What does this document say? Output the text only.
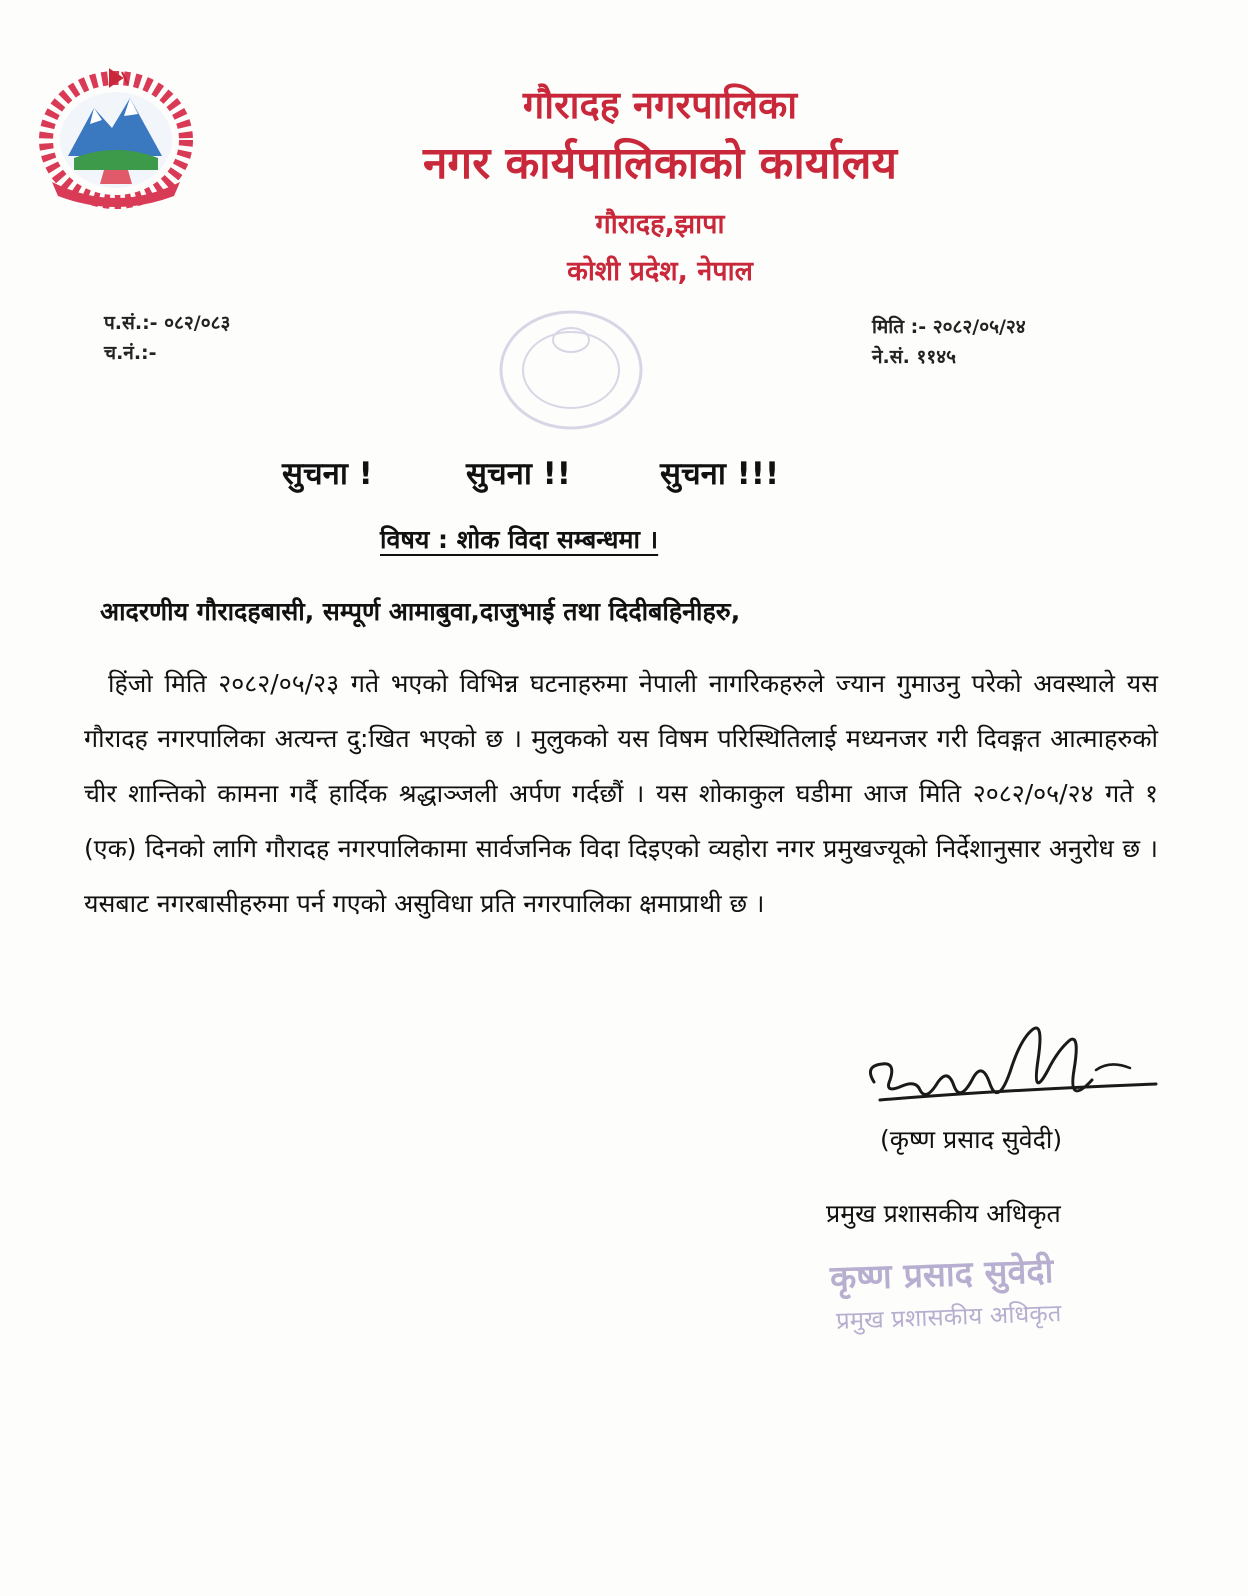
गौरादह नगरपालिका
नगर कार्यपालिकाको कार्यालय
गौरादह,झापा
कोशी प्रदेश, नेपाल
प.सं.:- ०८२/०८३
च.नं.:-
मिति :- २०८२/०५/२४
ने.सं. ११४५
सुचना !	सुचना !!	सुचना !!!
विषय : शोक विदा सम्बन्धमा ।
आदरणीय गौरादहबासी, सम्पूर्ण आमाबुवा,दाजुभाई तथा दिदीबहिनीहरु,
हिंजो मिति २०८२/०५/२३ गते भएको विभिन्न घटनाहरुमा नेपाली नागरिकहरुले ज्यान गुमाउनु परेको अवस्थाले यस गौरादह नगरपालिका अत्यन्त दु:खित भएको छ । मुलुकको यस विषम परिस्थितिलाई मध्यनजर गरी दिवङ्गत आत्माहरुको चीर शान्तिको कामना गर्दै हार्दिक श्रद्धाञ्जली अर्पण गर्दछौं । यस शोकाकुल घडीमा आज मिति २०८२/०५/२४ गते १ (एक) दिनको लागि गौरादह नगरपालिकामा सार्वजनिक विदा दिइएको व्यहोरा नगर प्रमुखज्यूको निर्देशानुसार अनुरोध छ । यसबाट नगरबासीहरुमा पर्न गएको असुविधा प्रति नगरपालिका क्षमाप्राथी छ ।
(कृष्ण प्रसाद सुवेदी)
प्रमुख प्रशासकीय अधिकृत
कृष्ण प्रसाद सुवेदी
प्रमुख प्रशासकीय अधिकृत
